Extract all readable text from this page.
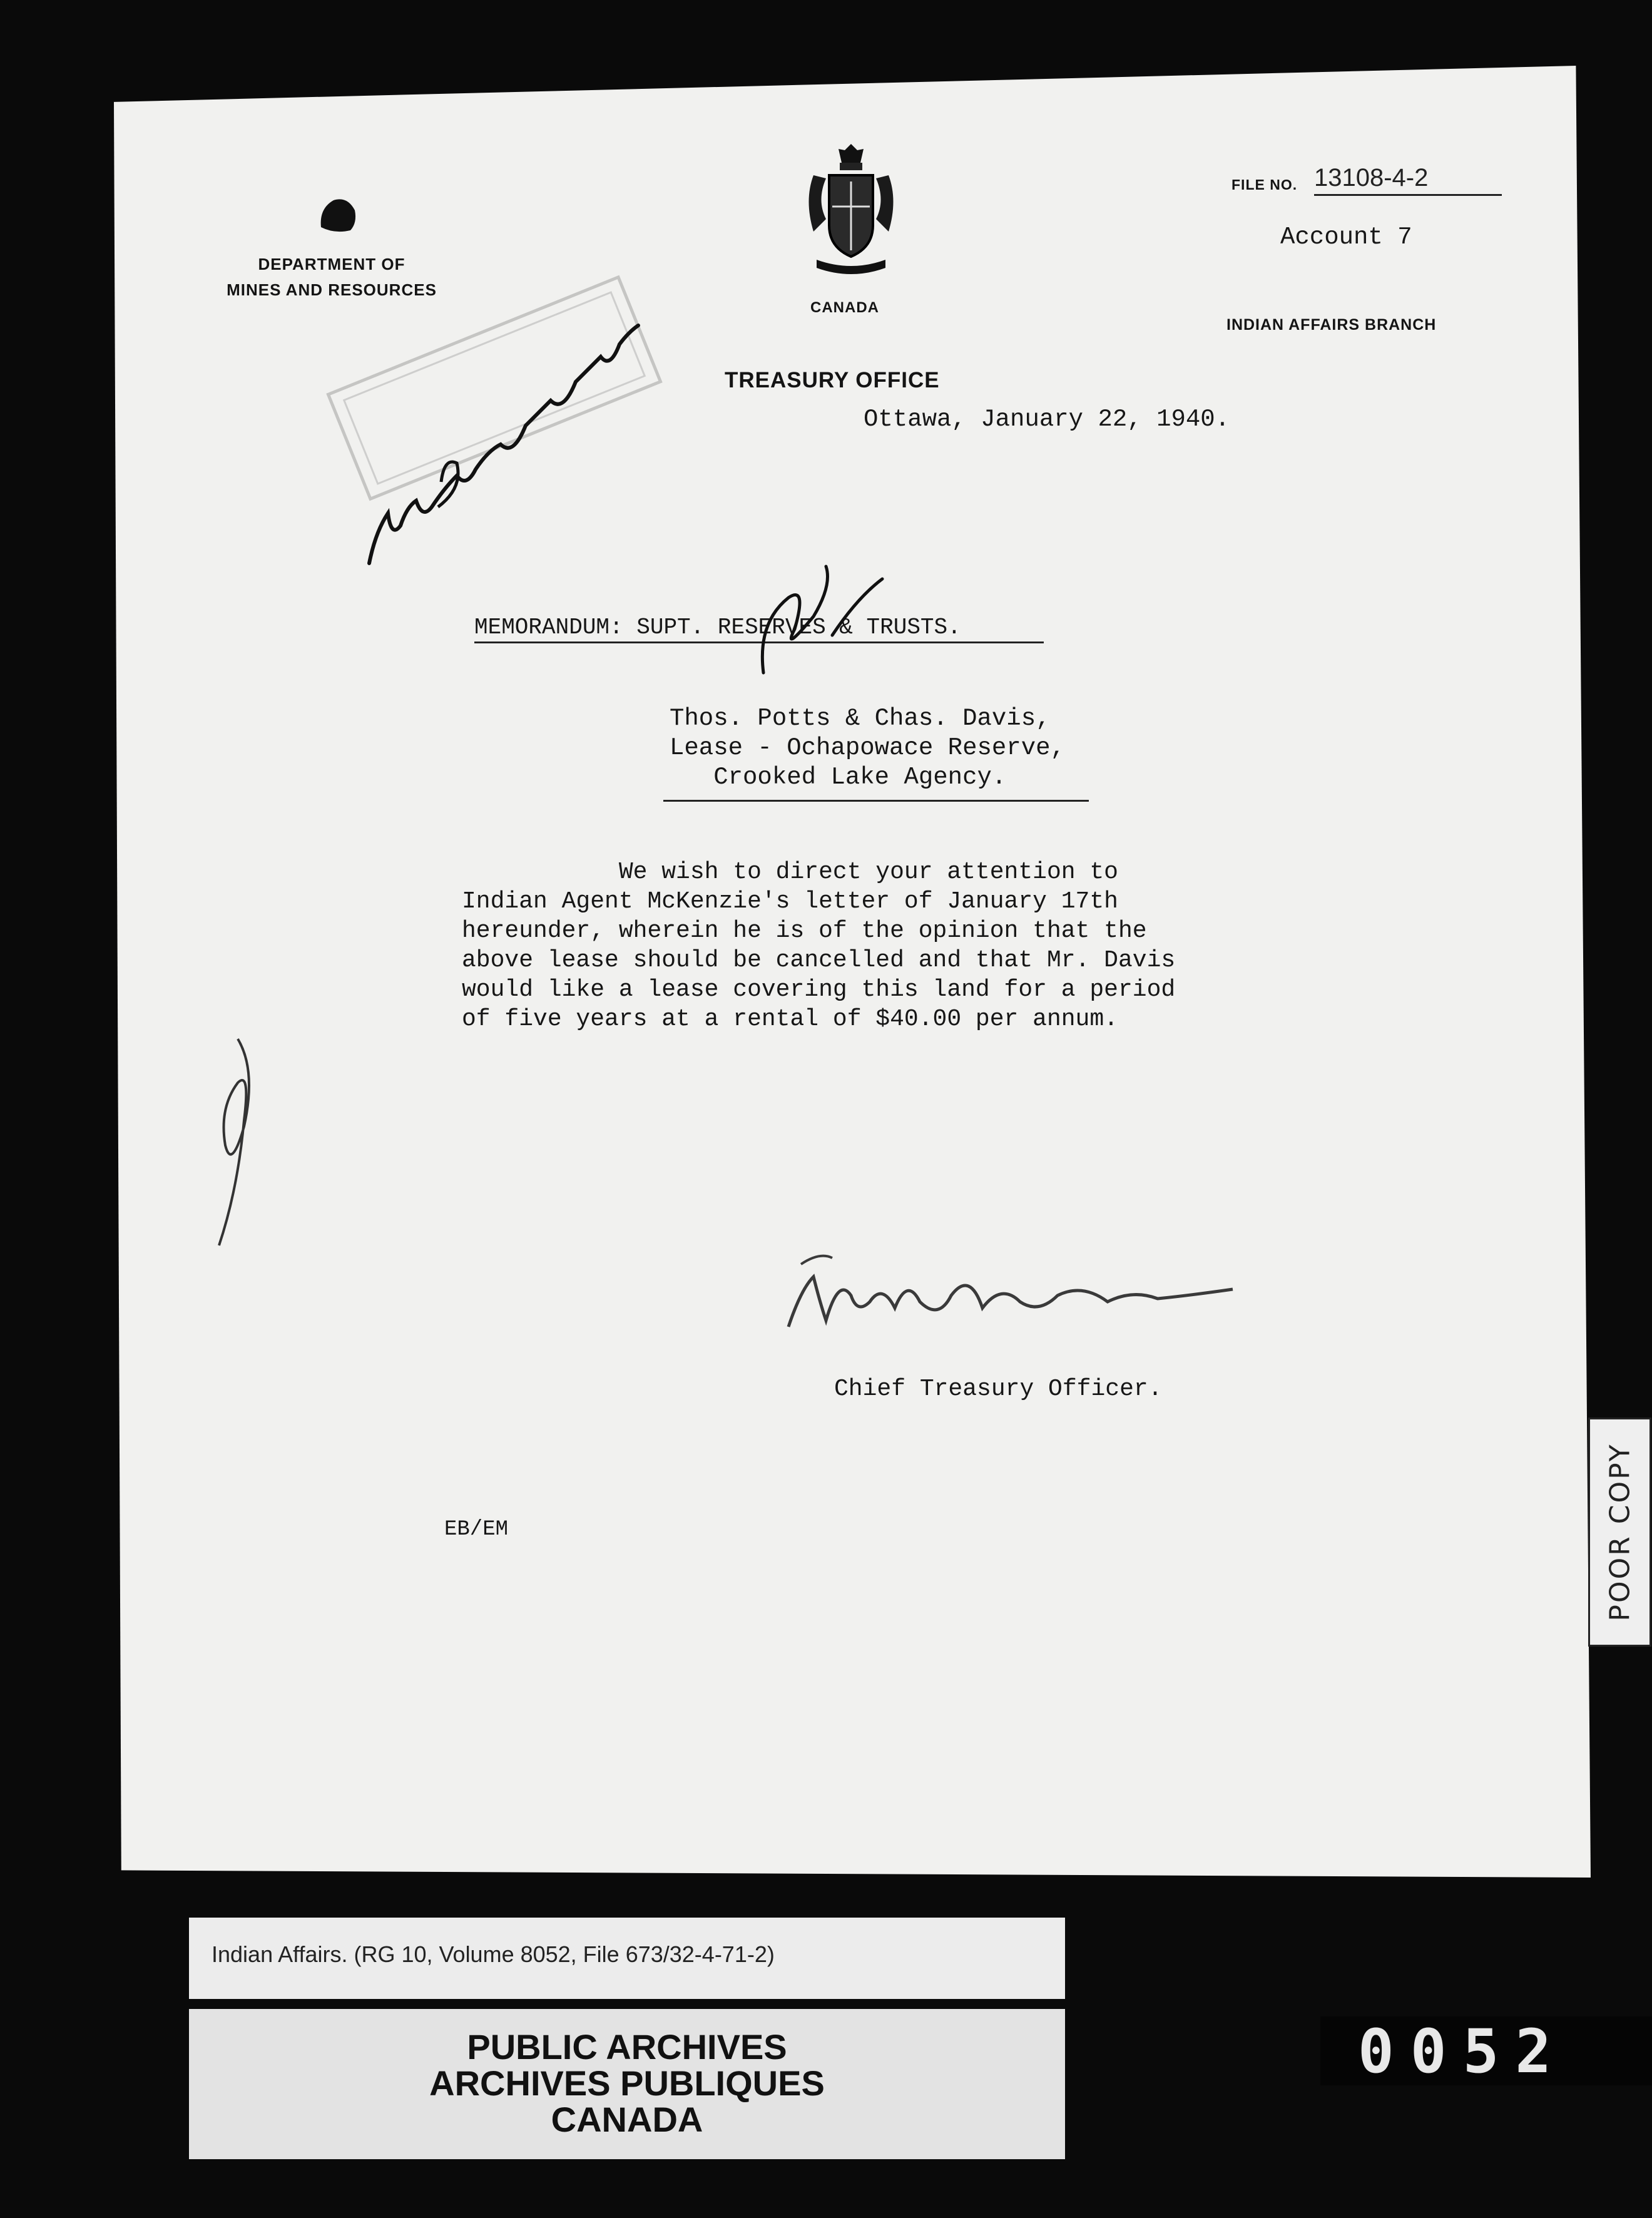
DEPARTMENT OF
MINES AND RESOURCES
CANADA
TREASURY OFFICE
Ottawa, January 22, 1940.
FILE NO. 13108-4-2
Account 7
INDIAN AFFAIRS BRANCH
MEMORANDUM: SUPT. RESERVES & TRUSTS.
Thos. Potts & Chas. Davis,
Lease - Ochapowace Reserve,
Crooked Lake Agency.

We wish to direct your attention to

Indian Agent McKenzie's letter of January 17th

hereunder, wherein he is of the opinion that the

above lease should be cancelled and that Mr. Davis

would like a lease covering this land for a period

of five years at a rental of $40.00 per annum.

Chief Treasury Officer.
EB/EM	POOR COPY
Indian Affairs. (RG 10, Volume 8052, File 673/32-4-71-2)
PUBLIC ARCHIVES
ARCHIVES PUBLIQUES
CANADA
0052
